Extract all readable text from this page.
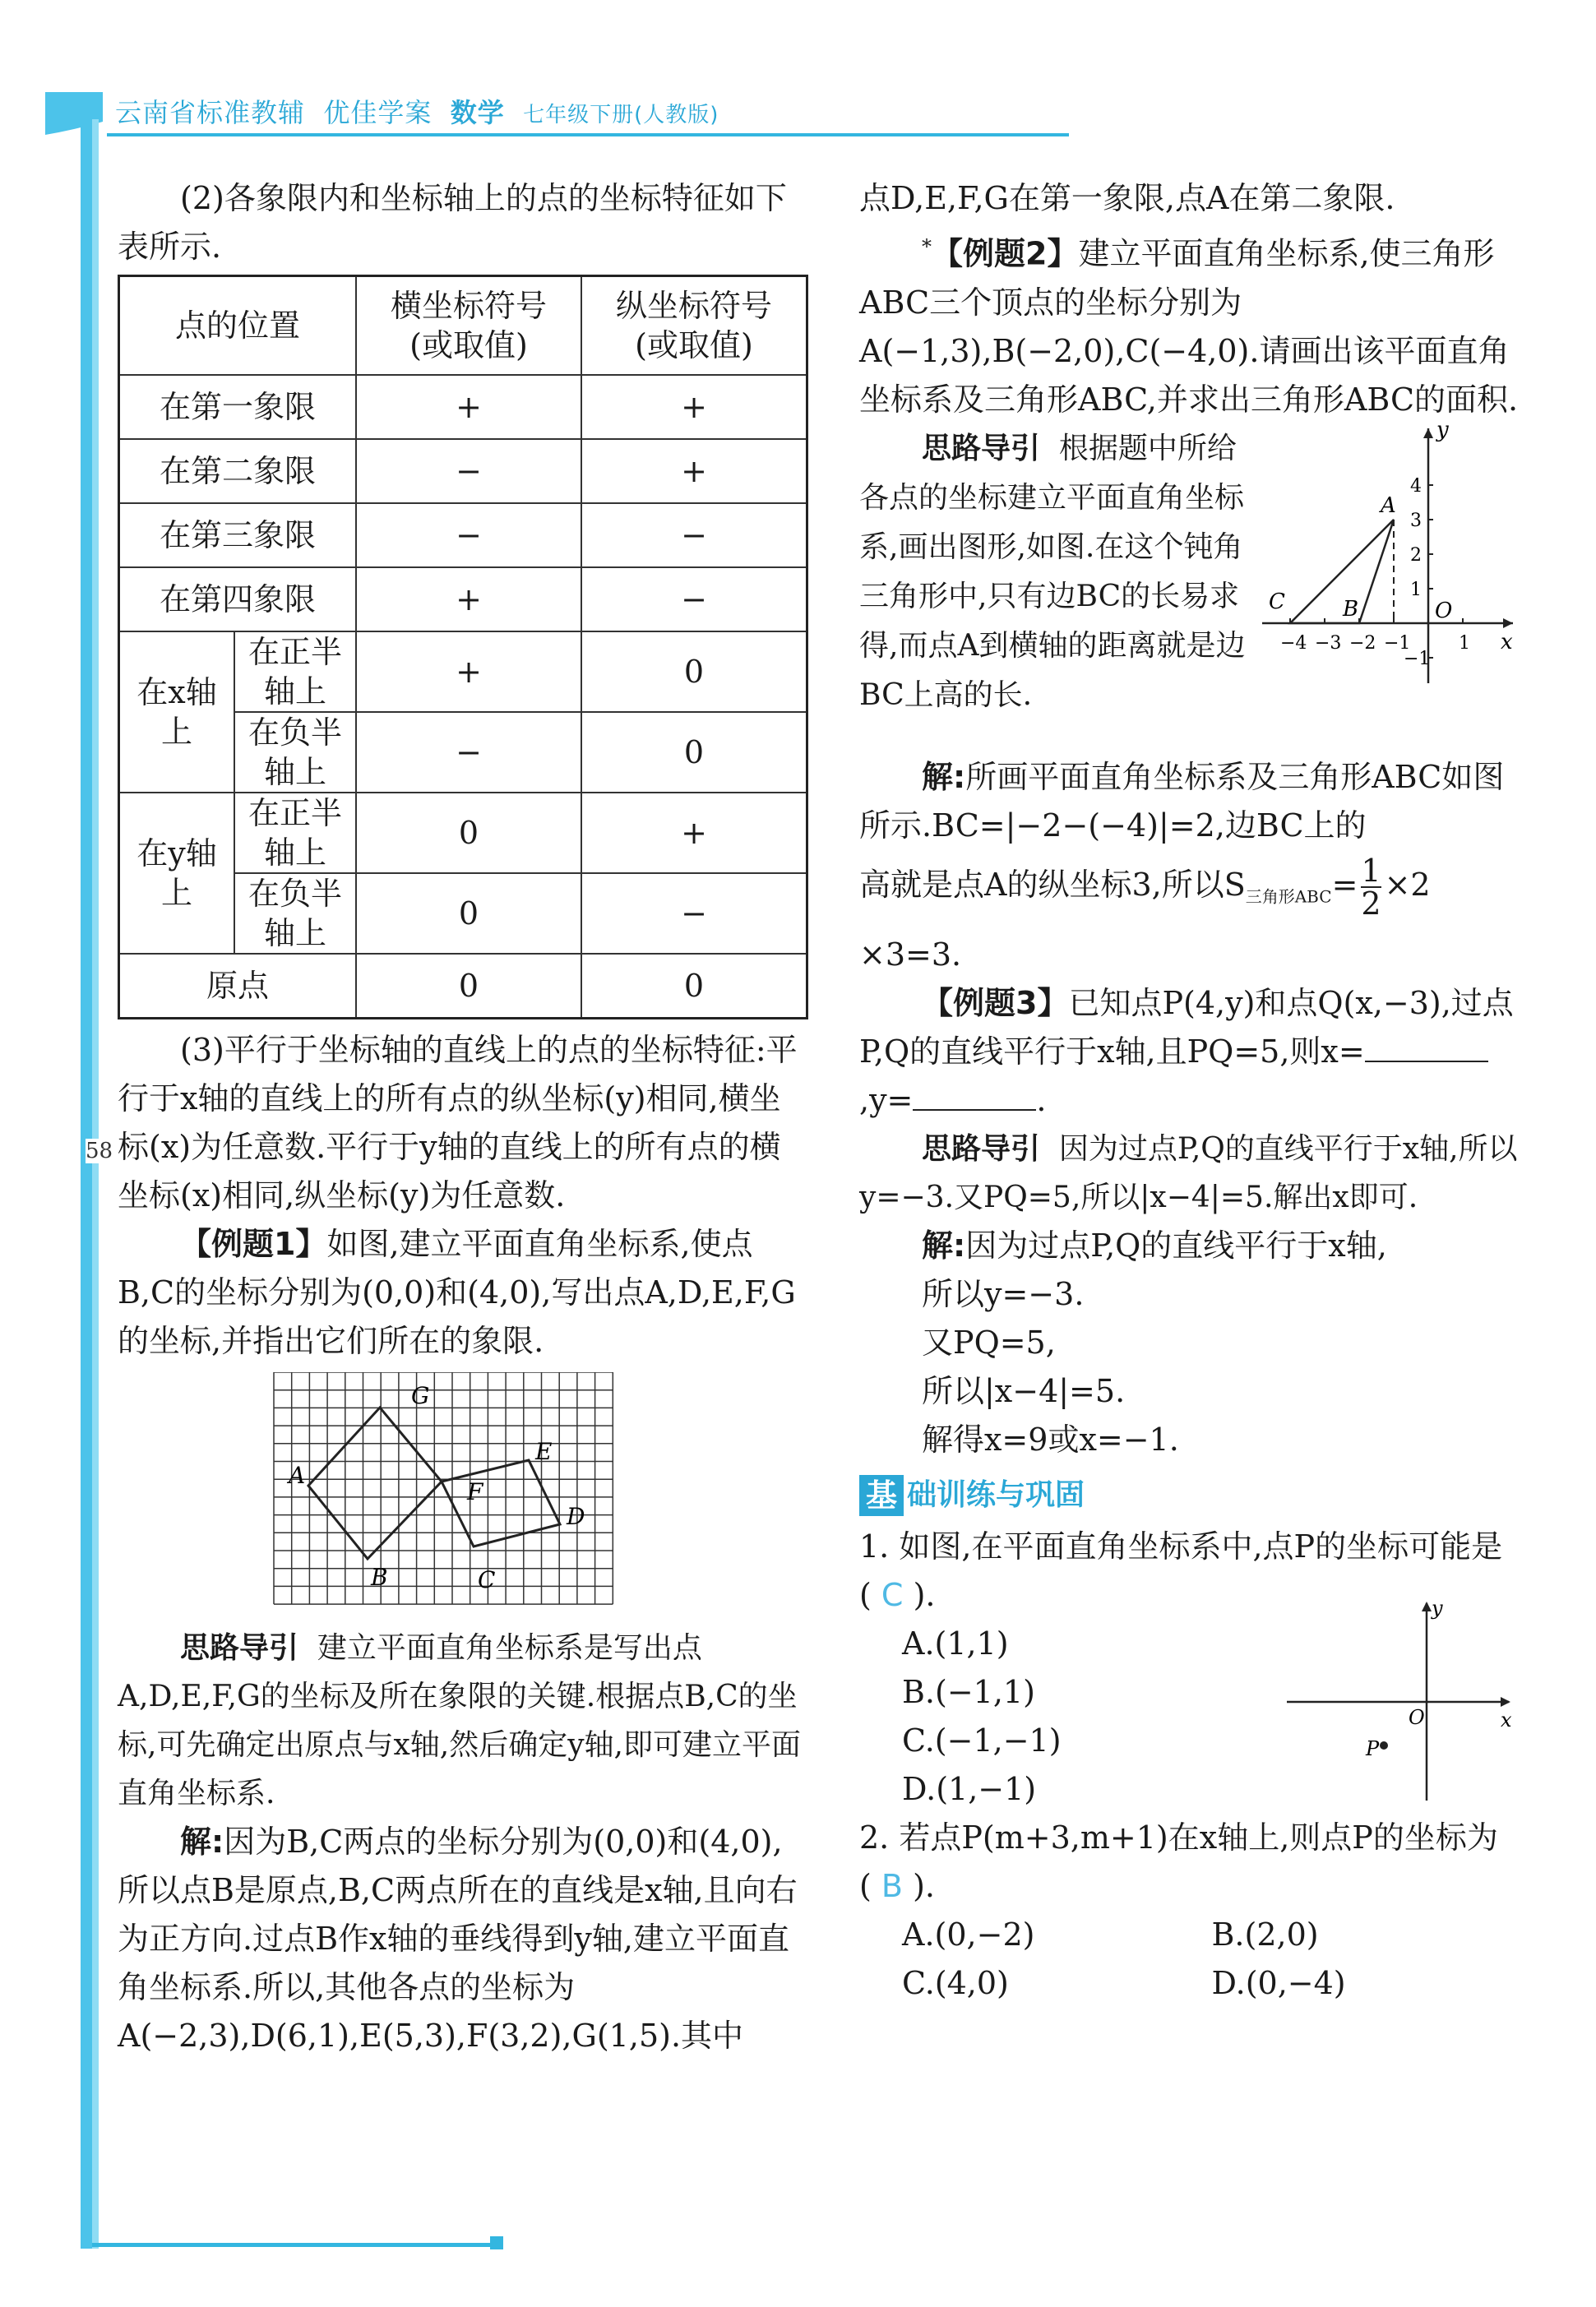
云南省标准教辅 优佳学案 数学 七年级下册(人教版)
58

(2)各象限内和坐标轴上的点的坐标特征如下表所示.

点的位置		横坐标符号(或取值)	纵坐标符号(或取值)
在第一象限		+	+
在第二象限		−	+
在第三象限		−	−
在第四象限		+	−
在x轴上	在正半轴上	+	0
	在负半轴上	−	0
在y轴上	在正半轴上	0	+
	在负半轴上	0	−
原点		0	0

(3)平行于坐标轴的直线上的点的坐标特征:平行于x轴的直线上的所有点的纵坐标(y)相同,横坐标(x)为任意数.平行于y轴的直线上的所有点的横坐标(x)相同,纵坐标(y)为任意数.

【例题1】如图,建立平面直角坐标系,使点B,C的坐标分别为(0,0)和(4,0),写出点A,D,E,F,G的坐标,并指出它们所在的象限.

G
A
E
F
D
B	C

思路导引 建立平面直角坐标系是写出点A,D,E,F,G的坐标及所在象限的关键.根据点B,C的坐标,可先确定出原点与x轴,然后确定y轴,即可建立平面直角坐标系.

解:因为B,C两点的坐标分别为(0,0)和(4,0),所以点B是原点,B,C两点所在的直线是x轴,且向右为正方向.过点B作x轴的垂线得到y轴,建立平面直角坐标系.所以,其他各点的坐标为A(−2,3),D(6,1),E(5,3),F(3,2),G(1,5).其中

点D,E,F,G在第一象限,点A在第二象限.

*【例题2】建立平面直角坐标系,使三角形ABC三个顶点的坐标分别为A(−1,3),B(−2,0),C(−4,0).请画出该平面直角坐标系及三角形ABC,并求出三角形ABC的面积.

思路导引 根据题中所给各点的坐标建立平面直角坐标系,画出图形,如图.在这个钝角三角形中,只有边BC的长易求得,而点A到横轴的距离就是边BC上高的长.

C	B
A
O
x
y
−4 −3 −2 −1	1
4
3
2
1
−1

解:所画平面直角坐标系及三角形ABC如图所示.BC=|−2−(−4)|=2,边BC上的

高就是点A的纵坐标3,所以$S_{三角形ABC}= \frac{1}{2} \times 2$

×3=3.

【例题3】已知点P(4,y)和点Q(x,−3),过点P,Q的直线平行于x轴,且PQ=5,则x=,y=	.

思路导引 因为过点P,Q的直线平行于x轴,所以y=−3.又PQ=5,所以|x−4|=5.解出x即可.

解:因为过点P,Q的直线平行于x轴,

所以y=−3.

又PQ=5,

所以|x−4|=5.

解得x=9或x=−1.

基 础训练与巩固

1. 如图,在平面直角坐标系中,点P的坐标可能是( C ).

A.(1,1)

B.(−1,1)

C.(−1,−1)

D.(1,−1)

y
x
O
P

2. 若点P(m+3,m+1)在x轴上,则点P的坐标为( B ).

A.(0,−2)	B.(2,0)
C.(4,0)	D.(0,−4)
